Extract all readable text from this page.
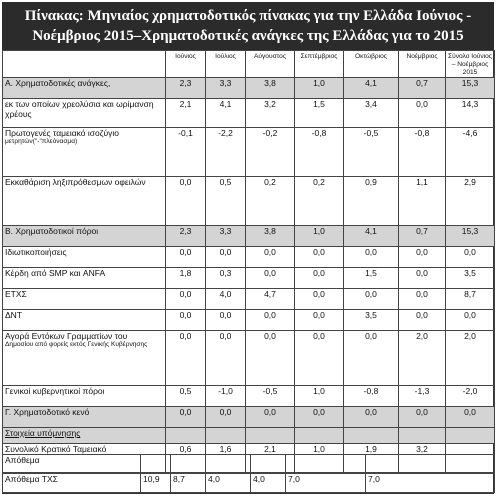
Πίνακας: Μηνιαίος χρηματοδοτικός πίνακας για την Ελλάδα Ιούνιος -
Νοέμβριος 2015–Χρηματοδοτικές ανάγκες της Ελλάδας για το 2015
	Ιούνιος	Ιούλιος	Αύγουστος	Σεπτέμβριος	Οκτώβριος	Νοέμβριος	Σύνολο Ιούνιος – Νοέμβριος 2015
Α. Χρηματοδοτικές ανάγκες,	2,3	3,3	3,8	1,0	4,1	0,7	15,3
εκ των οποίων χρεολύσια και ωρίμανση χρέους	2,1	4,1	3,2	1,5	3,4	0,0	14,3
Πρωτογενές ταμειακό ισοζύγιο
μετρητών("-"πλεόνασμα)	-0,1	-2,2	-0,2	-0,8	-0,5	-0,8	-4,6
Εκκαθάριση ληξιπρόθεσμων οφειλών	0,0	0,5	0,2	0,2	0,9	1,1	2,9
Β. Χρηματοδοτικοί πόροι	2,3	3,3	3,8	1,0	4,1	0,7	15,3
Ιδιωτικοποιήσεις	0,0	0,0	0,0	0,0	0,0	0,0	0,0
Κέρδη από SMP και ANFA	1,8	0,3	0,0	0,0	1,5	0,0	3,5
ΕΤΧΣ	0,0	4,0	4,7	0,0	0,0	0,0	8,7
ΔΝΤ	0,0	0,0	0,0	0,0	3,5	0,0	0,0
Αγορά Εντόκων Γραμματίων του
Δημοσίου από φορείς εκτός Γενικής Κυβέρνησης	0,0	0,0	0,0	0,0	0,0	2,0	2,0
Γενικοί κυβερνητικοί πόροι	0,5	-1,0	-0,5	1,0	-0,8	-1,3	-2,0
Γ. Χρηματοδοτικό κενό	0,0	0,0	0,0	0,0	0,0	0,0	0,0
Στοιχεία υπόμνησης							
Συνολικό Κρατικό Ταμειακό	0,6	1,6	2,1	1,0	1,9	3,2	
Απόθεμα						
Απόθεμα ΤΧΣ	10,9	8,7	4,0	4,0	7,0	7,0
